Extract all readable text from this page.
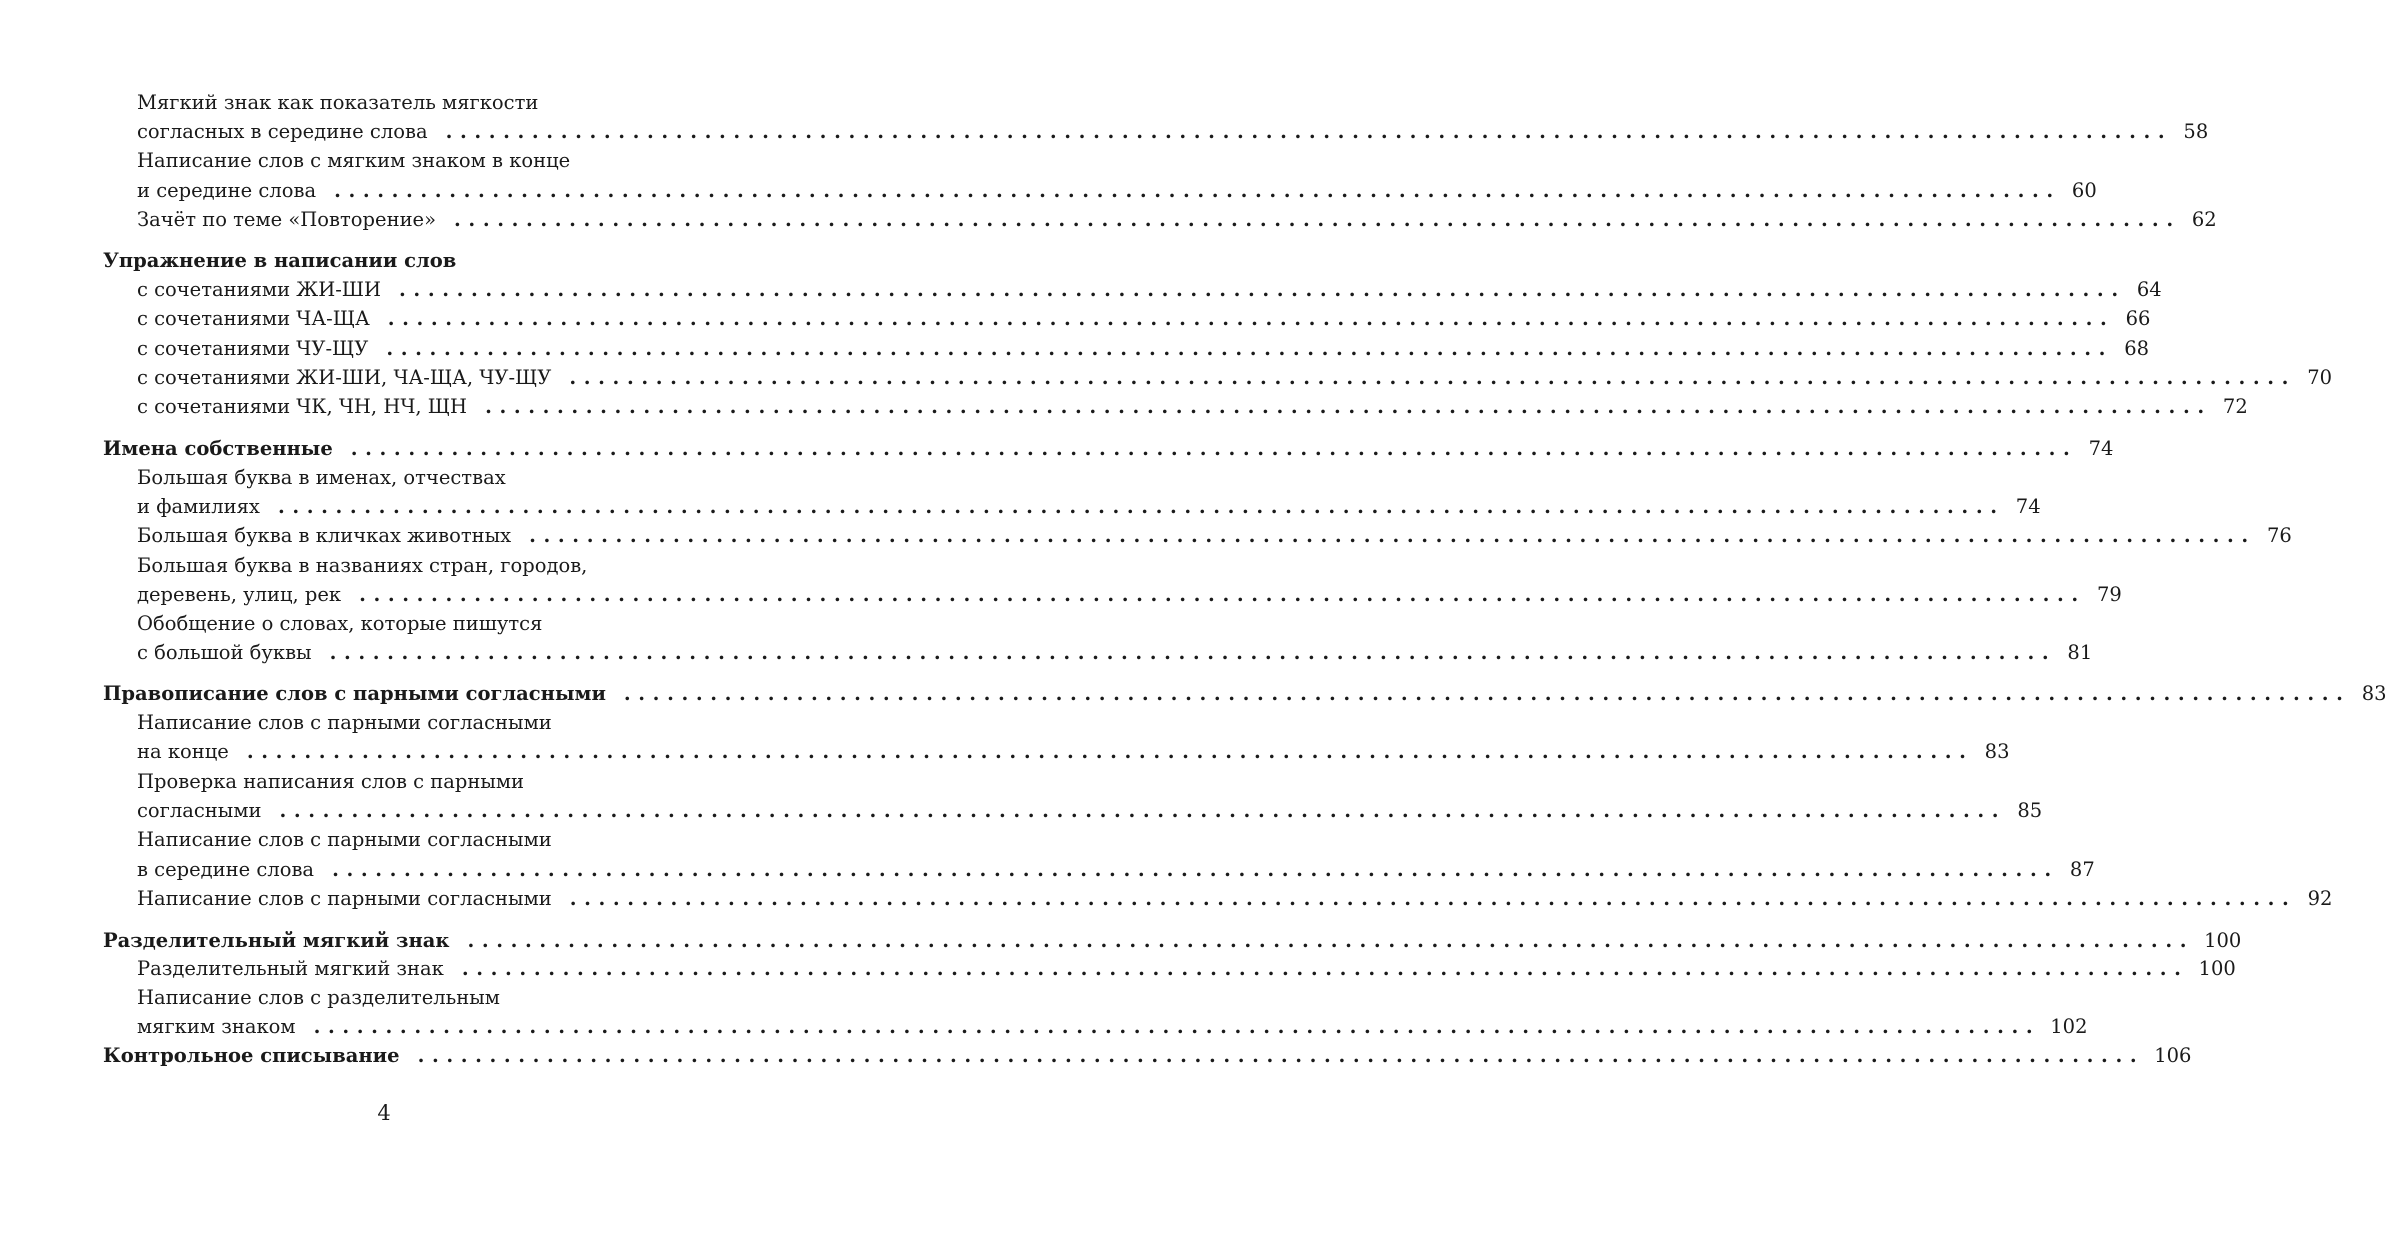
Мягкий знак как показатель мягкости
согласных в середине слова ........................................................................................................................ 58
Написание слов с мягким знаком в конце
и середине слова ........................................................................................................................ 60
Зачёт по теме «Повторение» ........................................................................................................................ 62
Упражнение в написании слов
с сочетаниями ЖИ-ШИ ........................................................................................................................ 64
с сочетаниями ЧА-ЩА ........................................................................................................................ 66
с сочетаниями ЧУ-ЩУ ........................................................................................................................ 68
с сочетаниями ЖИ-ШИ, ЧА-ЩА, ЧУ-ЩУ ........................................................................................................................ 70
с сочетаниями ЧК, ЧН, НЧ, ЩН ........................................................................................................................ 72
Имена собственные ........................................................................................................................ 74
Большая буква в именах, отчествах
и фамилиях ........................................................................................................................ 74
Большая буква в кличках животных ........................................................................................................................ 76
Большая буква в названиях стран, городов,
деревень, улиц, рек ........................................................................................................................ 79
Обобщение о словах, которые пишутся
с большой буквы ........................................................................................................................ 81
Правописание слов с парными согласными ........................................................................................................................ 83
Написание слов с парными согласными
на конце ........................................................................................................................ 83
Проверка написания слов с парными
согласными ........................................................................................................................ 85
Написание слов с парными согласными
в середине слова ........................................................................................................................ 87
Написание слов с парными согласными ........................................................................................................................ 92
Разделительный мягкий знак ........................................................................................................................ 100
Разделительный мягкий знак ........................................................................................................................ 100
Написание слов с разделительным
мягким знаком ........................................................................................................................ 102
Контрольное списывание ........................................................................................................................ 106
4
